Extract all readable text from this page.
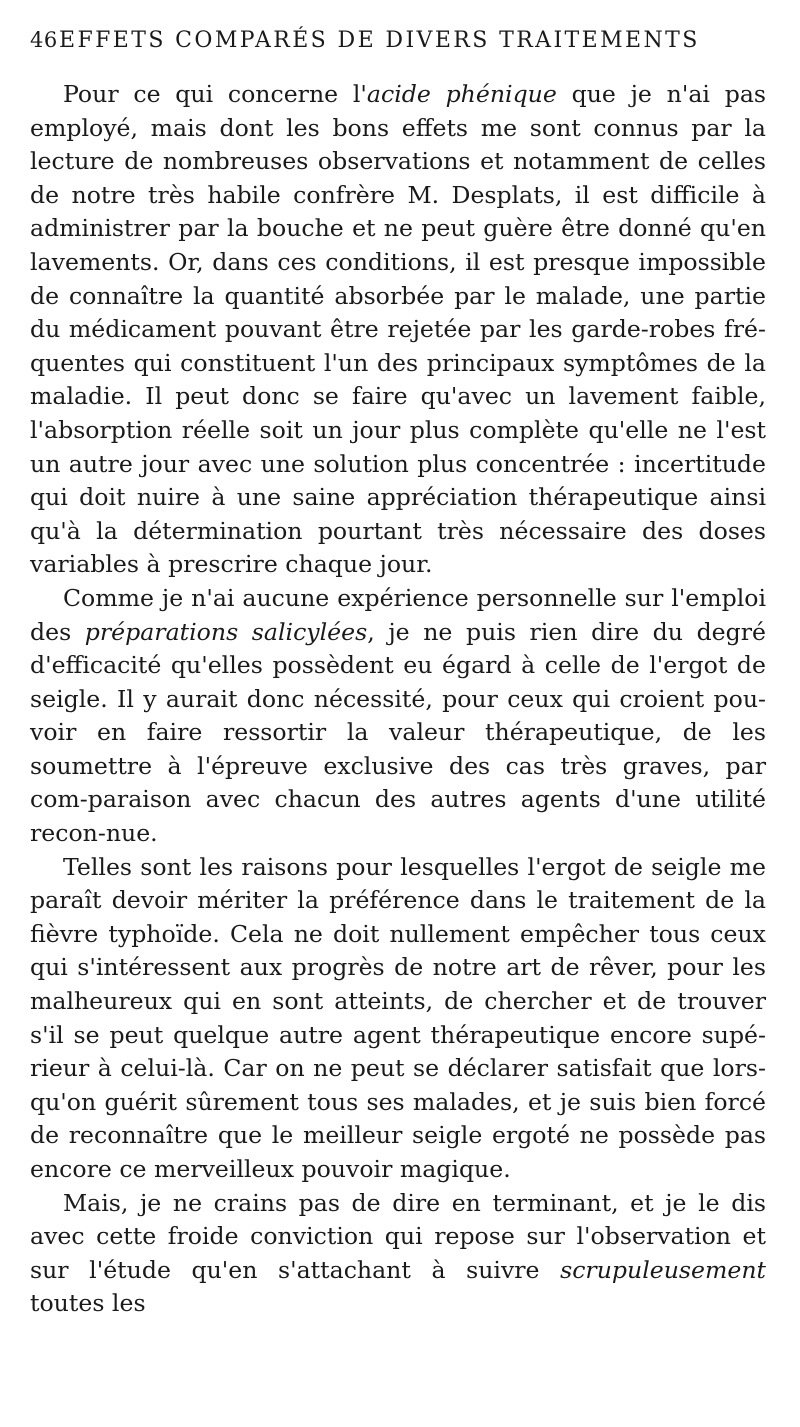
46 EFFETS COMPARÉS DE DIVERS TRAITEMENTS

Pour ce qui concerne l'acide phénique que je n'ai pas employé, mais dont les bons effets me sont connus par la lecture de nombreuses observations et notamment de celles de notre très habile confrère M. Desplats, il est difficile à administrer par la bouche et ne peut guère être donné qu'en lavements. Or, dans ces conditions, il est presque impossible de connaître la quantité absorbée par le malade, une partie du médicament pouvant être rejetée par les garde-robes fré-quentes qui constituent l'un des principaux symptômes de la maladie. Il peut donc se faire qu'avec un lavement faible, l'absorption réelle soit un jour plus complète qu'elle ne l'est un autre jour avec une solution plus concentrée : incertitude qui doit nuire à une saine appréciation thérapeutique ainsi qu'à la détermination pourtant très nécessaire des doses variables à prescrire chaque jour.

Comme je n'ai aucune expérience personnelle sur l'emploi des préparations salicylées, je ne puis rien dire du degré d'efficacité qu'elles possèdent eu égard à celle de l'ergot de seigle. Il y aurait donc nécessité, pour ceux qui croient pou-voir en faire ressortir la valeur thérapeutique, de les soumettre à l'épreuve exclusive des cas très graves, par com-paraison avec chacun des autres agents d'une utilité recon-nue.

Telles sont les raisons pour lesquelles l'ergot de seigle me paraît devoir mériter la préférence dans le traitement de la fièvre typhoïde. Cela ne doit nullement empêcher tous ceux qui s'intéressent aux progrès de notre art de rêver, pour les malheureux qui en sont atteints, de chercher et de trouver s'il se peut quelque autre agent thérapeutique encore supé-rieur à celui-là. Car on ne peut se déclarer satisfait que lors-qu'on guérit sûrement tous ses malades, et je suis bien forcé de reconnaître que le meilleur seigle ergoté ne possède pas encore ce merveilleux pouvoir magique.

Mais, je ne crains pas de dire en terminant, et je le dis avec cette froide conviction qui repose sur l'observation et sur l'étude qu'en s'attachant à suivre scrupuleusement toutes les
